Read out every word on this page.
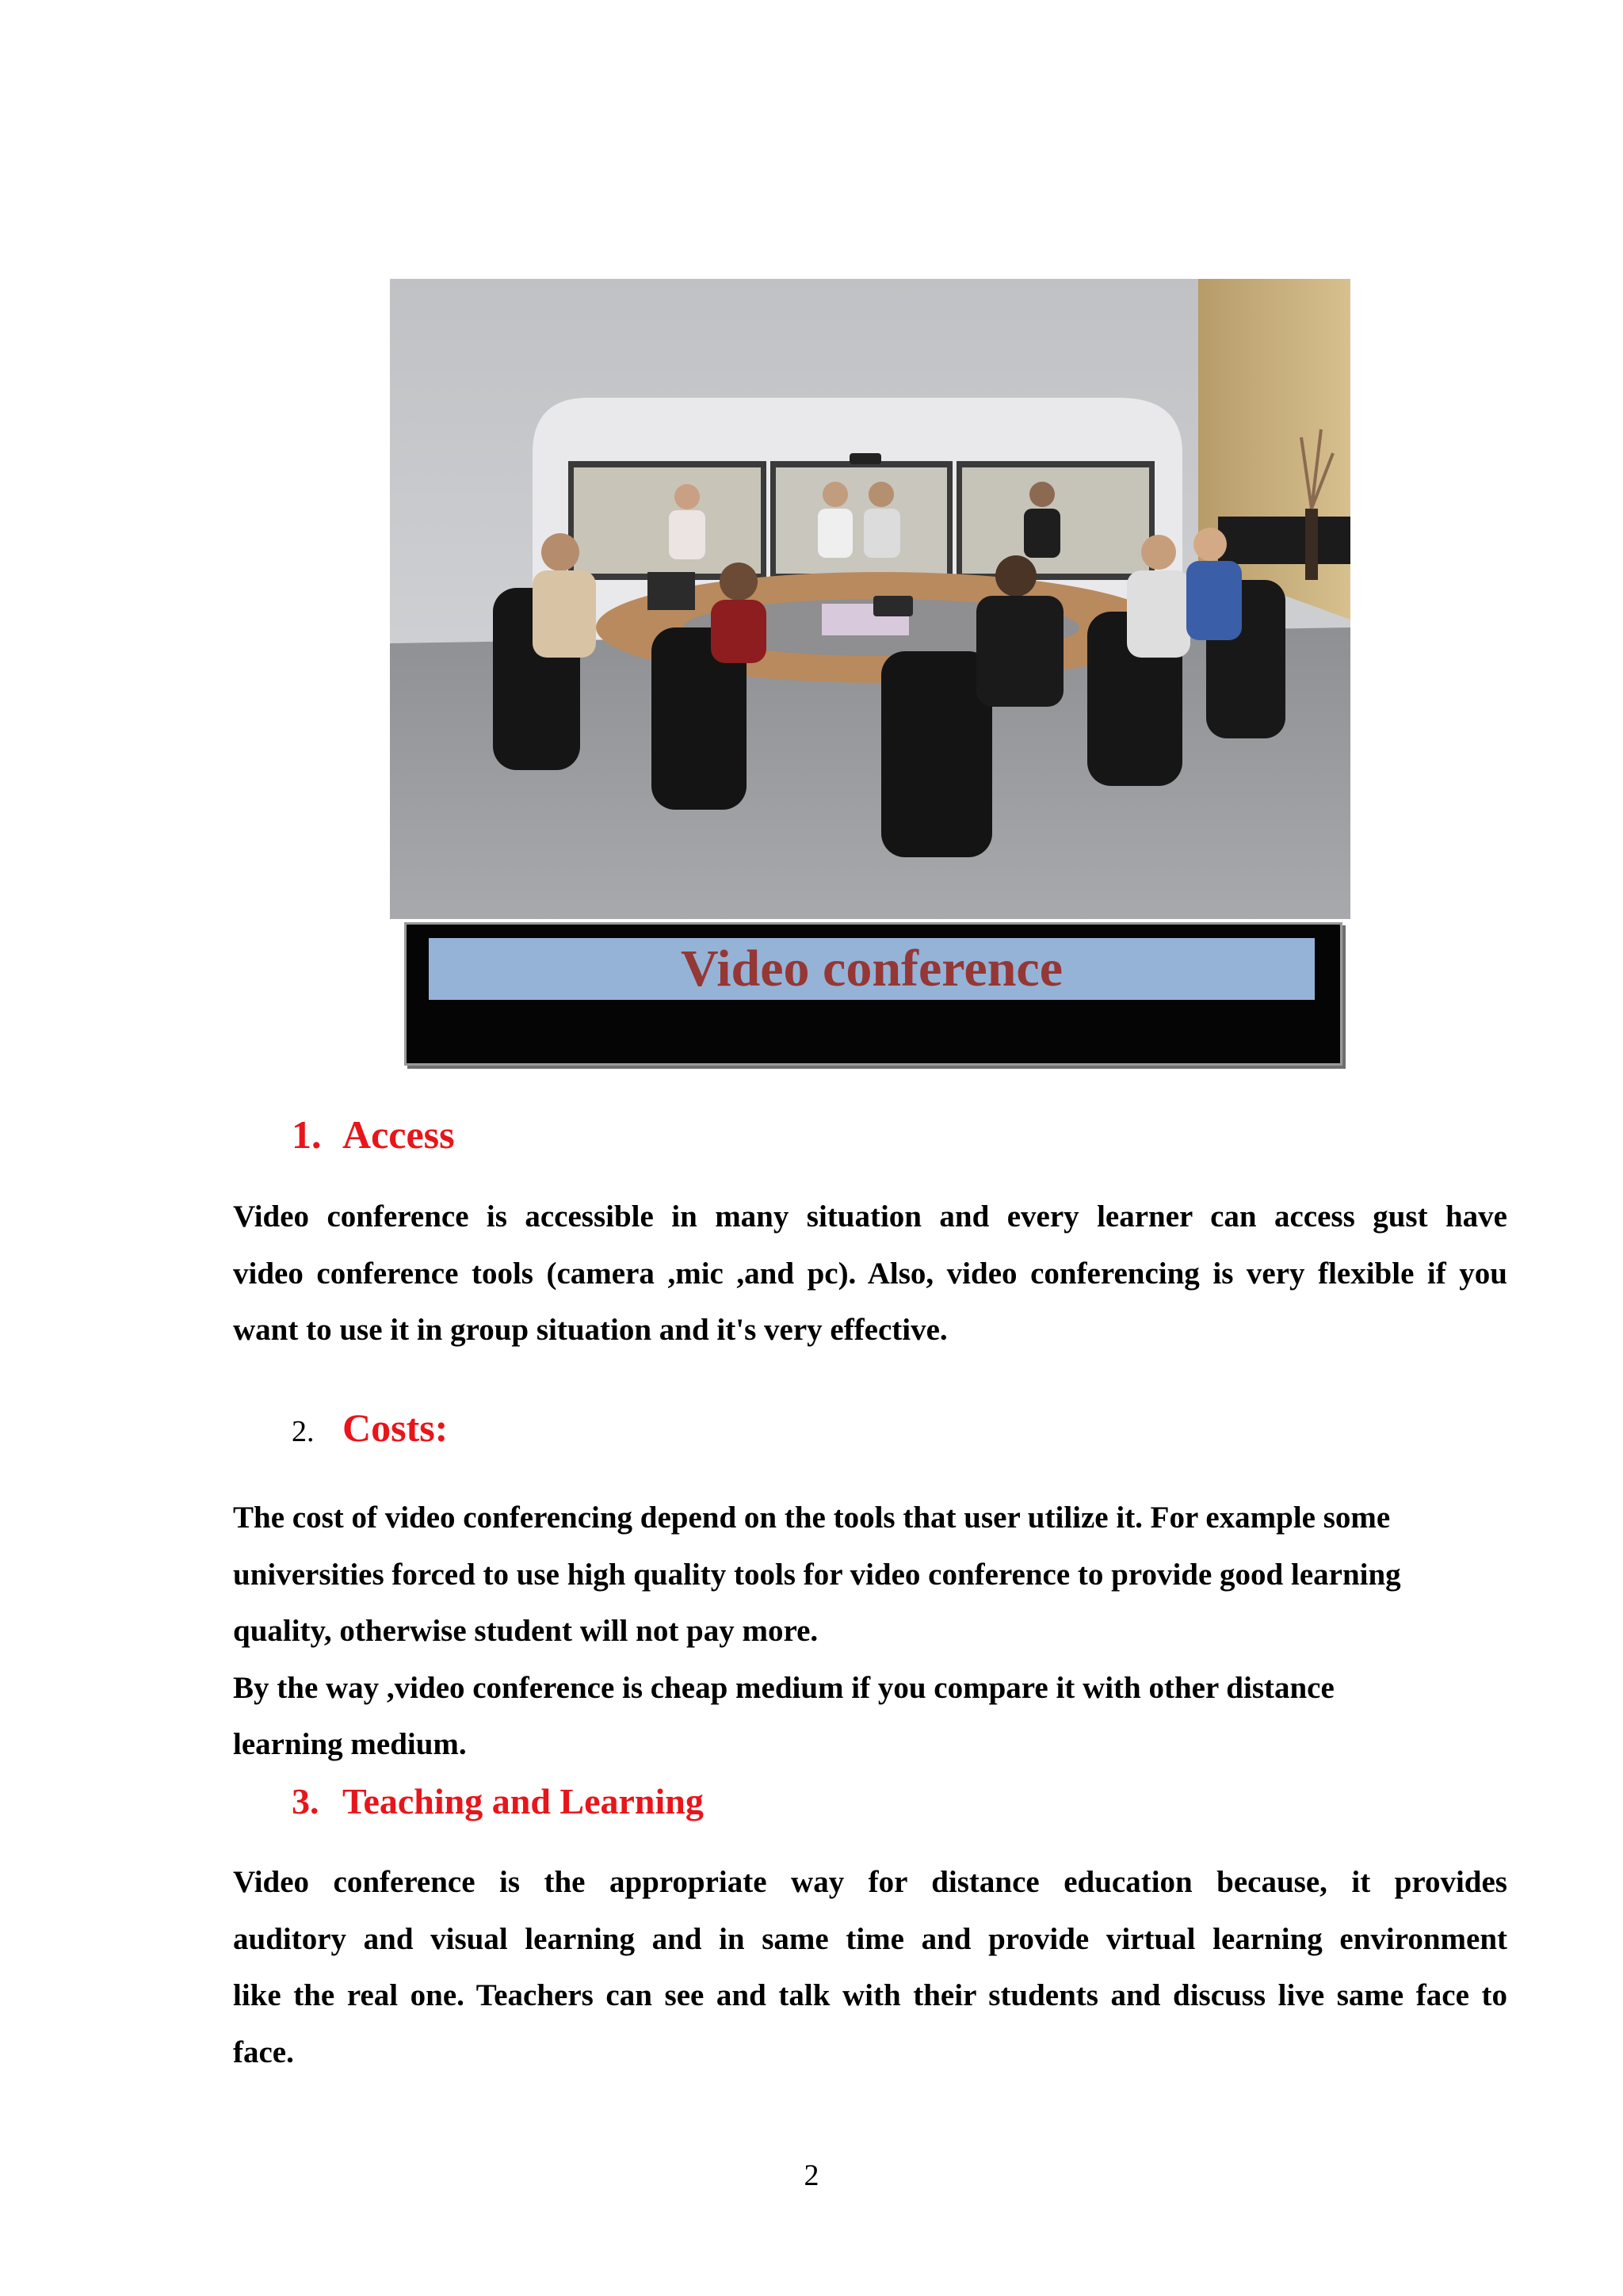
Video conference
1. Access
Video conference is accessible in many situation and every learner can access gust have
video conference tools (camera ,mic ,and pc). Also, video conferencing is very flexible if you
want to use it in group situation and it's very effective.
2. Costs:
The cost of video conferencing depend on the tools that user utilize it. For example some
universities forced to use high quality tools for video conference to provide good learning
quality, otherwise student will not pay more.
By the way ,video conference is cheap medium if you compare it with other distance
learning medium.
3. Teaching and Learning
Video conference is the appropriate way for distance education because, it provides
auditory and visual learning and in same time and provide virtual learning environment
like the real one. Teachers can see and talk with their students and discuss live same face to
face.
2
